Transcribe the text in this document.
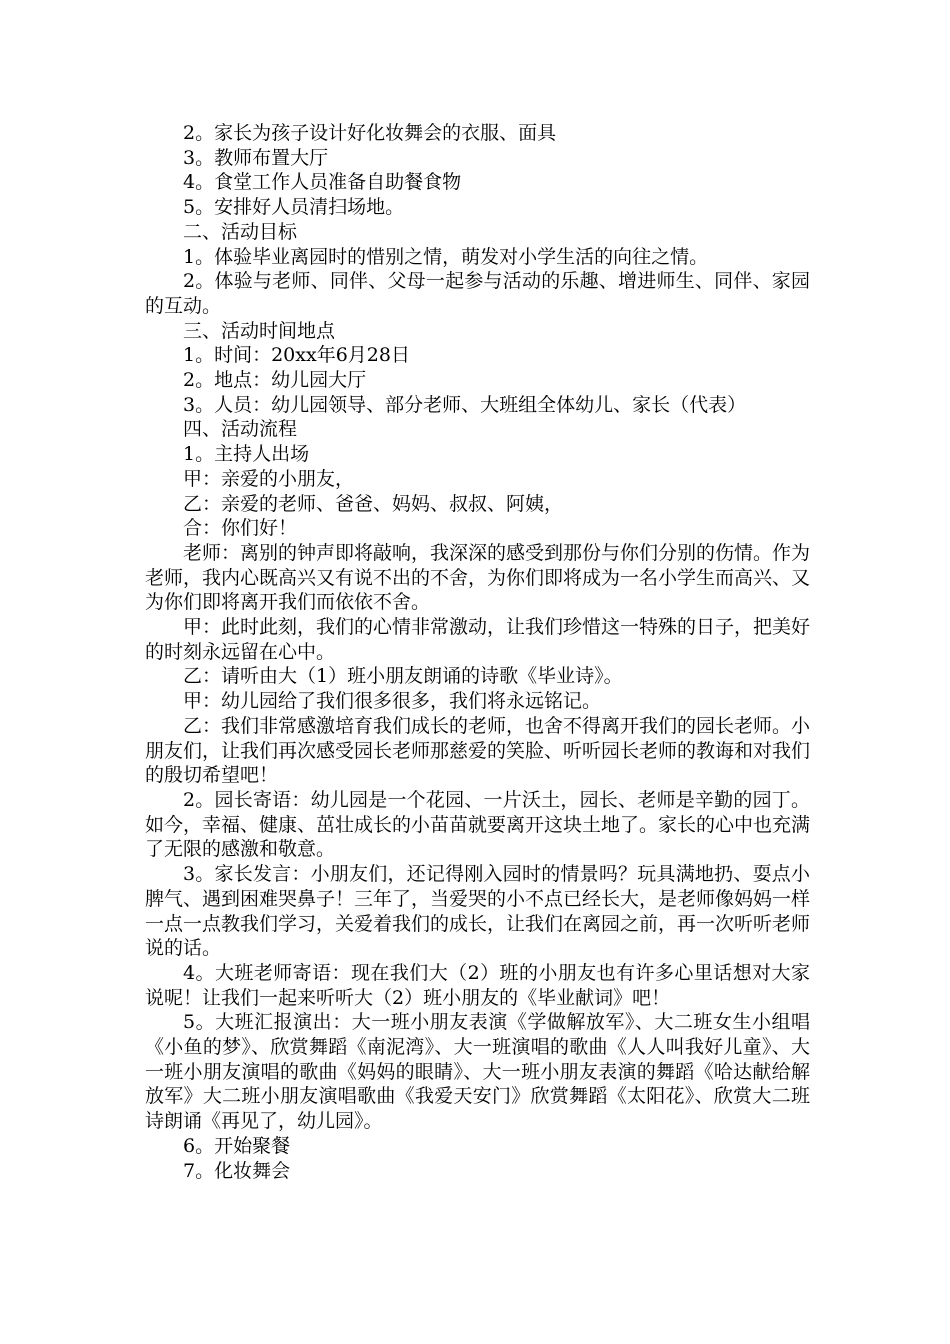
2。家长为孩子设计好化妆舞会的衣服、面具

3。教师布置大厅

4。食堂工作人员准备自助餐食物

5。安排好人员清扫场地。

二、活动目标

1。体验毕业离园时的惜别之情，萌发对小学生活的向往之情。

2。体验与老师、同伴、父母一起参与活动的乐趣、增进师生、同伴、家园的互动。

三、活动时间地点

1。时间：20xx年6月28日

2。地点：幼儿园大厅

3。人员：幼儿园领导、部分老师、大班组全体幼儿、家长（代表）

四、活动流程

1。主持人出场

甲：亲爱的小朋友，

乙：亲爱的老师、爸爸、妈妈、叔叔、阿姨，

合：你们好！

老师：离别的钟声即将敲响，我深深的感受到那份与你们分别的伤情。作为老师，我内心既高兴又有说不出的不舍，为你们即将成为一名小学生而高兴、又为你们即将离开我们而依依不舍。

甲：此时此刻，我们的心情非常激动，让我们珍惜这一特殊的日子，把美好的时刻永远留在心中。

乙：请听由大（1）班小朋友朗诵的诗歌《毕业诗》。

甲：幼儿园给了我们很多很多，我们将永远铭记。

乙：我们非常感激培育我们成长的老师，也舍不得离开我们的园长老师。小朋友们，让我们再次感受园长老师那慈爱的笑脸、听听园长老师的教诲和对我们的殷切希望吧！

2。园长寄语：幼儿园是一个花园、一片沃土，园长、老师是辛勤的园丁。如今，幸福、健康、茁壮成长的小苗苗就要离开这块土地了。家长的心中也充满了无限的感激和敬意。

3。家长发言：小朋友们，还记得刚入园时的情景吗？玩具满地扔、耍点小脾气、遇到困难哭鼻子！三年了，当爱哭的小不点已经长大，是老师像妈妈一样一点一点教我们学习，关爱着我们的成长，让我们在离园之前，再一次听听老师说的话。

4。大班老师寄语：现在我们大（2）班的小朋友也有许多心里话想对大家说呢！让我们一起来听听大（2）班小朋友的《毕业献词》吧！

5。大班汇报演出：大一班小朋友表演《学做解放军》、大二班女生小组唱《小鱼的梦》、欣赏舞蹈《南泥湾》、大一班演唱的歌曲《人人叫我好儿童》、大一班小朋友演唱的歌曲《妈妈的眼睛》、大一班小朋友表演的舞蹈《哈达献给解放军》大二班小朋友演唱歌曲《我爱天安门》欣赏舞蹈《太阳花》、欣赏大二班诗朗诵《再见了，幼儿园》。

6。开始聚餐

7。化妆舞会
